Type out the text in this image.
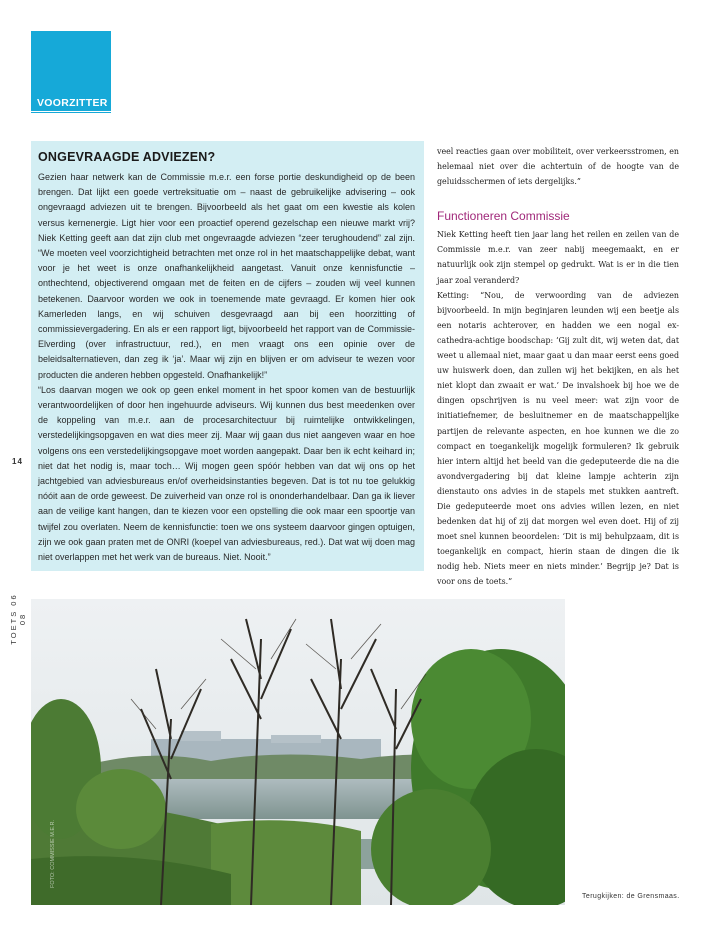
VOORZITTER
14
TOETS 06 08
ONGEVRAAGDE ADVIEZEN?

Gezien haar netwerk kan de Commissie m.e.r. een forse portie deskundigheid op de been brengen. Dat lijkt een goede vertreksituatie om – naast de gebruikelijke advisering – ook ongevraagd adviezen uit te brengen. Bijvoorbeeld als het gaat om een kwestie als kolen versus kernenergie. Ligt hier voor een proactief operend gezelschap een nieuwe markt vrij? Niek Ketting geeft aan dat zijn club met ongevraagde adviezen “zeer terughoudend” zal zijn. “We moeten veel voorzichtigheid betrachten met onze rol in het maatschappelijke debat, want voor je het weet is onze onafhankelijkheid aangetast. Vanuit onze kennisfunctie – onthechtend, objectiverend omgaan met de feiten en de cijfers – zouden wij veel kunnen betekenen. Daarvoor worden we ook in toenemende mate gevraagd. Er komen hier ook Kamerleden langs, en wij schuiven desgevraagd aan bij een hoorzitting of commissievergadering. En als er een rapport ligt, bijvoorbeeld het rapport van de Commissie-Elverding (over infrastructuur, red.), en men vraagt ons een opinie over de beleidsalternatieven, dan zeg ik ‘ja’. Maar wij zijn en blijven er om adviseur te wezen voor producten die anderen hebben opgesteld. Onafhankelijk!”

“Los daarvan mogen we ook op geen enkel moment in het spoor komen van de bestuurlijk verantwoordelijken of door hen ingehuurde adviseurs. Wij kunnen dus best meedenken over de koppeling van m.e.r. aan de procesarchitectuur bij ruimtelijke ontwikkelingen, verstedelijkingsopgaven en wat dies meer zij. Maar wij gaan dus niet aangeven waar en hoe volgens ons een verstedelijkingsopgave moet worden aangepakt. Daar ben ik echt keihard in; niet dat het nodig is, maar toch… Wij mogen geen spóór hebben van dat wij ons op het jachtgebied van adviesbureaus en/of overheidsinstanties begeven. Dat is tot nu toe gelukkig nóóit aan de orde geweest. De zuiverheid van onze rol is ononderhandelbaar. Dan ga ik liever aan de veilige kant hangen, dan te kiezen voor een opstelling die ook maar een spoortje van twijfel zou overlaten. Neem de kennisfunctie: toen we ons systeem daarvoor gingen optuigen, zijn we ook gaan praten met de ONRI (koepel van adviesbureaus, red.). Dat wat wij doen mag niet overlappen met het werk van de bureaus. Niet. Nooit.”

veel reacties gaan over mobiliteit, over verkeersstromen, en helemaal niet over die achtertuin of de hoogte van de geluidsschermen of iets dergelijks.”

Functioneren Commissie

Niek Ketting heeft tien jaar lang het reilen en zeilen van de Commissie m.e.r. van zeer nabij meegemaakt, en er natuurlijk ook zijn stempel op gedrukt. Wat is er in die tien jaar zoal veranderd?

Ketting: “Nou, de verwoording van de adviezen bijvoorbeeld. In mijn beginjaren leunden wij een beetje als een notaris achterover, en hadden we een nogal ex-cathedra-achtige boodschap: ‘Gij zult dit, wij weten dat, dat weet u allemaal niet, maar gaat u dan maar eerst eens goed uw huiswerk doen, dan zullen wij het bekijken, en als het niet klopt dan zwaait er wat.’ De invalshoek bij hoe we de dingen opschrijven is nu veel meer: wat zijn voor de initiatiefnemer, de besluitnemer en de maatschappelijke partijen de relevante aspecten, en hoe kunnen we die zo compact en toegankelijk mogelijk formuleren? Ik gebruik hier intern altijd het beeld van die gedeputeerde die na die avondvergadering bij dat kleine lampje achterin zijn dienstauto ons advies in de stapels met stukken aantreft. Die gedeputeerde moet ons advies willen lezen, en niet bedenken dat hij of zij dat morgen wel even doet. Hij of zij moet snel kunnen beoordelen: ‘Dit is mij behulpzaam, dit is toegankelijk en compact, hierin staan de dingen die ik nodig heb. Niets meer en niets minder.’ Begrijp je? Dat is voor ons de toets.”

FOTO: COMMISSIE M.E.R.
Terugkijken: de Grensmaas.
